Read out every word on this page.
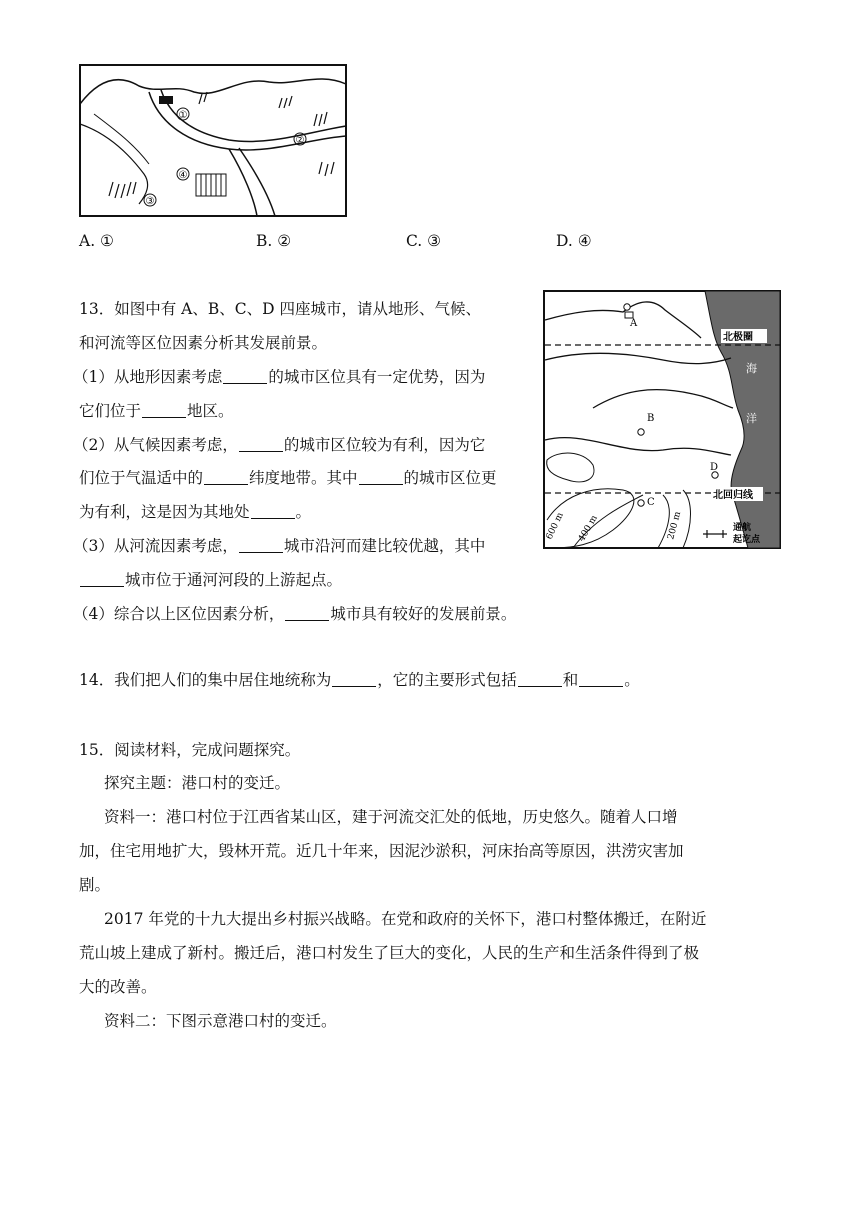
①
②
③
④
A. ①	B. ②	C. ③	D. ④
13．如图中有 A、B、C、D 四座城市，请从地形、气候、
和河流等区位因素分析其发展前景。
（1）从地形因素考虑	的城市区位具有一定优势，因为
它们位于	地区。
（2）从气候因素考虑，	的城市区位较为有利，因为它
们位于气温适中的	纬度地带。其中	的城市区位更
为有利，这是因为其地处	。
（3）从河流因素考虑，	城市沿河而建比较优越，其中
城市位于通河河段的上游起点。
（4）综合以上区位因素分析，	城市具有较好的发展前景。
A
B
D
C
北极圈
海
洋
北回归线
600 m 400 m	200 m	通航
起讫点
14．我们把人们的集中居住地统称为	，它的主要形式包括	和	。
15．阅读材料，完成问题探究。
探究主题：港口村的变迁。
资料一：港口村位于江西省某山区，建于河流交汇处的低地，历史悠久。随着人口增
加，住宅用地扩大，毁林开荒。近几十年来，因泥沙淤积，河床抬高等原因，洪涝灾害加
剧。
2017 年党的十九大提出乡村振兴战略。在党和政府的关怀下，港口村整体搬迁，在附近
荒山坡上建成了新村。搬迁后，港口村发生了巨大的变化，人民的生产和生活条件得到了极
大的改善。
资料二：下图示意港口村的变迁。
